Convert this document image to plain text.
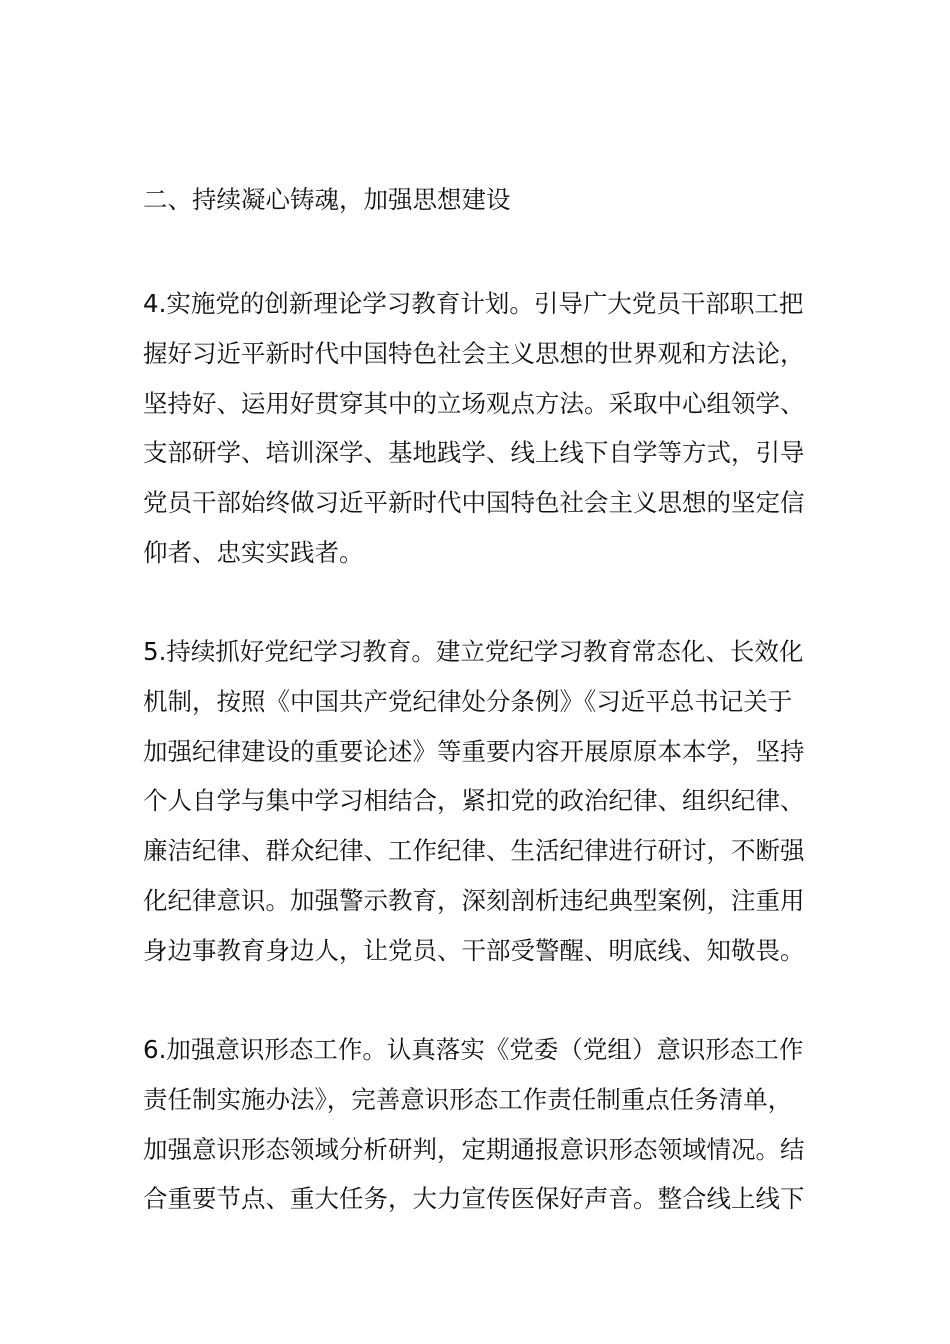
二、持续凝心铸魂，加强思想建设
4.实施党的创新理论学习教育计划。引导广大党员干部职工把
握好习近平新时代中国特色社会主义思想的世界观和方法论，
坚持好、运用好贯穿其中的立场观点方法。采取中心组领学、
支部研学、培训深学、基地践学、线上线下自学等方式，引导
党员干部始终做习近平新时代中国特色社会主义思想的坚定信
仰者、忠实实践者。
5.持续抓好党纪学习教育。建立党纪学习教育常态化、长效化
机制，按照《中国共产党纪律处分条例》《习近平总书记关于
加强纪律建设的重要论述》等重要内容开展原原本本学，坚持
个人自学与集中学习相结合，紧扣党的政治纪律、组织纪律、
廉洁纪律、群众纪律、工作纪律、生活纪律进行研讨，不断强
化纪律意识。加强警示教育，深刻剖析违纪典型案例，注重用
身边事教育身边人，让党员、干部受警醒、明底线、知敬畏。
6.加强意识形态工作。认真落实《党委（党组）意识形态工作
责任制实施办法》，完善意识形态工作责任制重点任务清单，
加强意识形态领域分析研判，定期通报意识形态领域情况。结
合重要节点、重大任务，大力宣传医保好声音。整合线上线下
